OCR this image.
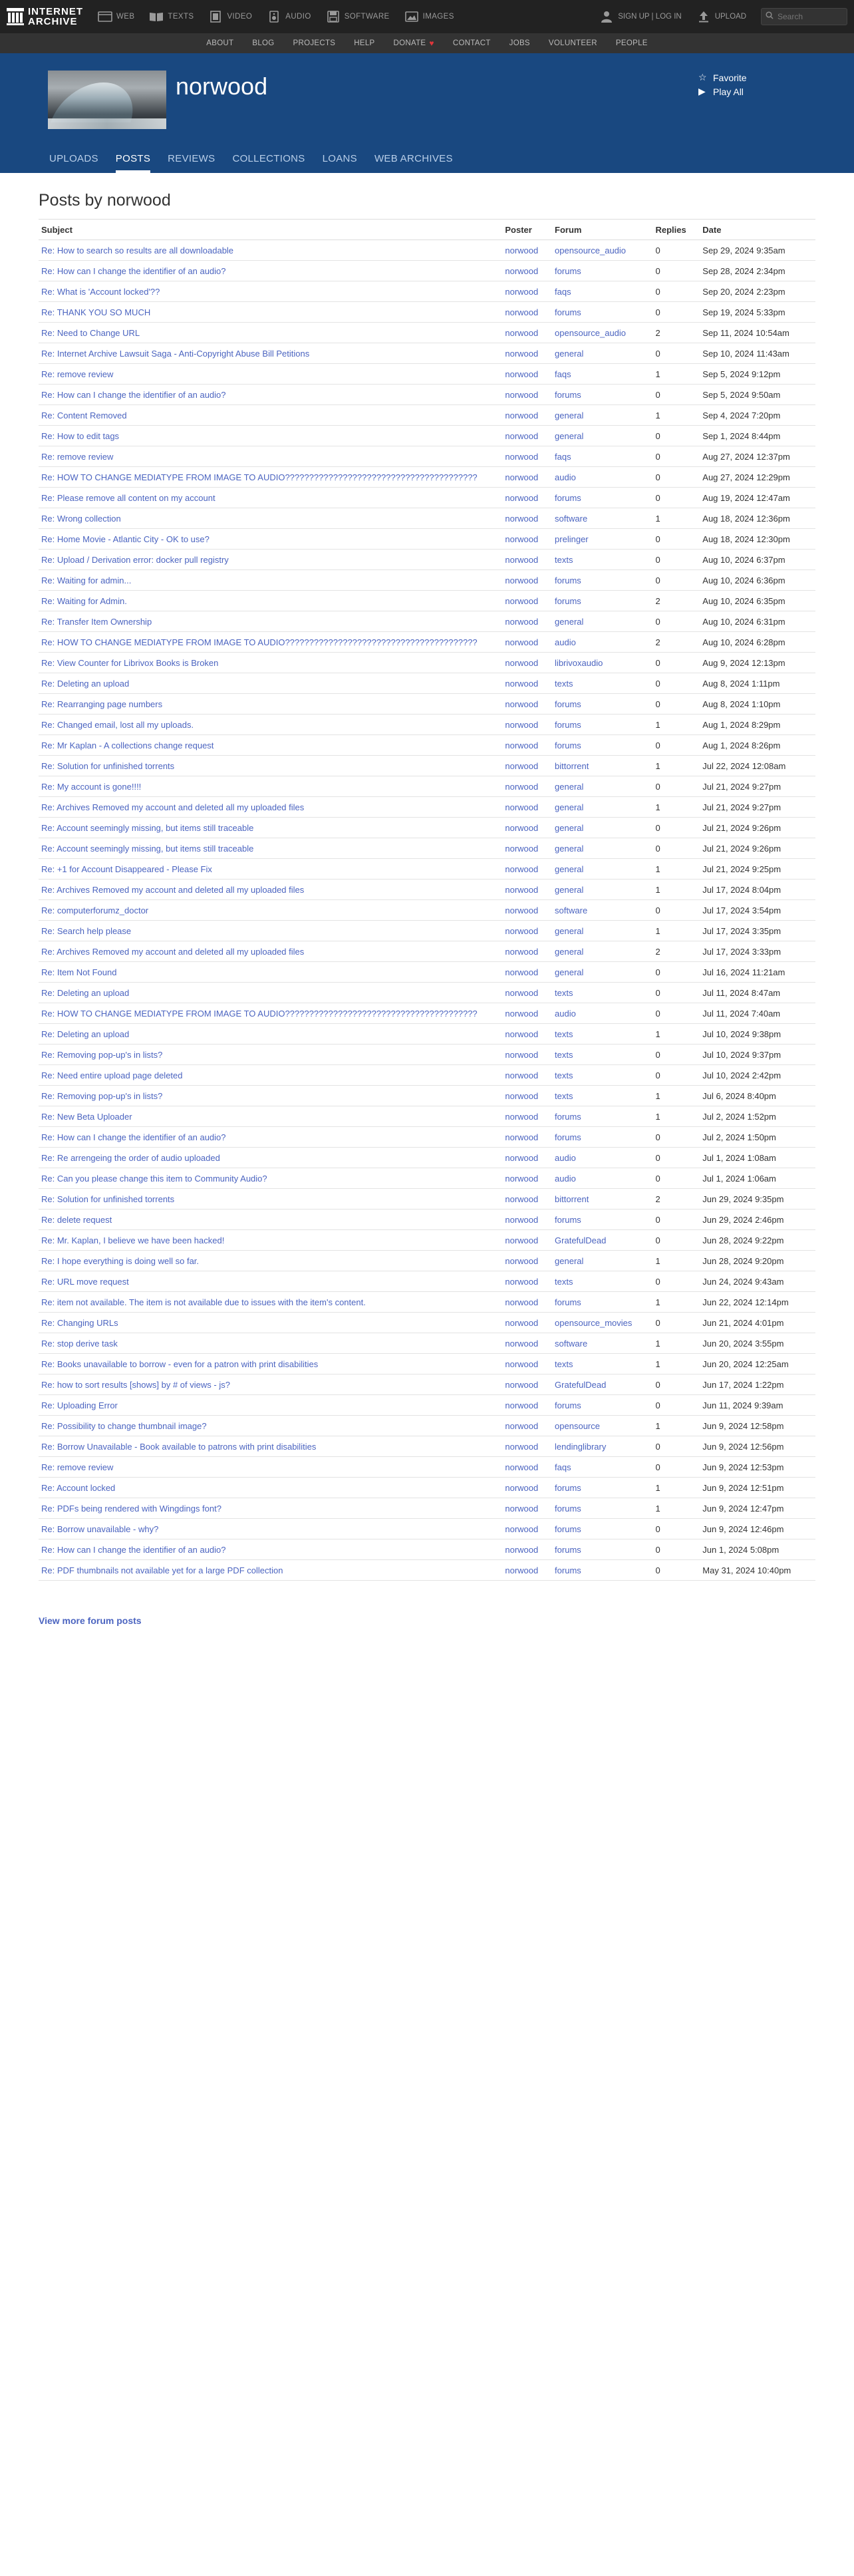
INTERNET
ARCHIVE	WEB	TEXTS	VIDEO	AUDIO	SOFTWARE	IMAGES	SIGN UP | LOG IN	UPLOAD
Search
ABOUT BLOG PROJECTS HELP DONATE ♥ CONTACT JOBS VOLUNTEER PEOPLE
norwood	☆ Favorite
▶ Play All
UPLOADS POSTS REVIEWS COLLECTIONS LOANS WEB ARCHIVES
Posts by norwood
Subject	Poster	Forum	Replies	Date
Re: How to search so results are all downloadable	norwood	opensource_audio	0	Sep 29, 2024 9:35am
Re: How can I change the identifier of an audio?	norwood	forums	0	Sep 28, 2024 2:34pm
Re: What is 'Account locked'??	norwood	faqs	0	Sep 20, 2024 2:23pm
Re: THANK YOU SO MUCH	norwood	forums	0	Sep 19, 2024 5:33pm
Re: Need to Change URL	norwood	opensource_audio	2	Sep 11, 2024 10:54am
Re: Internet Archive Lawsuit Saga - Anti-Copyright Abuse Bill Petitions	norwood	general	0	Sep 10, 2024 11:43am
Re: remove review	norwood	faqs	1	Sep 5, 2024 9:12pm
Re: How can I change the identifier of an audio?	norwood	forums	0	Sep 5, 2024 9:50am
Re: Content Removed	norwood	general	1	Sep 4, 2024 7:20pm
Re: How to edit tags	norwood	general	0	Sep 1, 2024 8:44pm
Re: remove review	norwood	faqs	0	Aug 27, 2024 12:37pm
Re: HOW TO CHANGE MEDIATYPE FROM IMAGE TO AUDIO????????????????????????????????????????	norwood	audio	0	Aug 27, 2024 12:29pm
Re: Please remove all content on my account	norwood	forums	0	Aug 19, 2024 12:47am
Re: Wrong collection	norwood	software	1	Aug 18, 2024 12:36pm
Re: Home Movie - Atlantic City - OK to use?	norwood	prelinger	0	Aug 18, 2024 12:30pm
Re: Upload / Derivation error: docker pull registry	norwood	texts	0	Aug 10, 2024 6:37pm
Re: Waiting for admin...	norwood	forums	0	Aug 10, 2024 6:36pm
Re: Waiting for Admin.	norwood	forums	2	Aug 10, 2024 6:35pm
Re: Transfer Item Ownership	norwood	general	0	Aug 10, 2024 6:31pm
Re: HOW TO CHANGE MEDIATYPE FROM IMAGE TO AUDIO????????????????????????????????????????	norwood	audio	2	Aug 10, 2024 6:28pm
Re: View Counter for Librivox Books is Broken	norwood	librivoxaudio	0	Aug 9, 2024 12:13pm
Re: Deleting an upload	norwood	texts	0	Aug 8, 2024 1:11pm
Re: Rearranging page numbers	norwood	forums	0	Aug 8, 2024 1:10pm
Re: Changed email, lost all my uploads.	norwood	forums	1	Aug 1, 2024 8:29pm
Re: Mr Kaplan - A collections change request	norwood	forums	0	Aug 1, 2024 8:26pm
Re: Solution for unfinished torrents	norwood	bittorrent	1	Jul 22, 2024 12:08am
Re: My account is gone!!!!	norwood	general	0	Jul 21, 2024 9:27pm
Re: Archives Removed my account and deleted all my uploaded files	norwood	general	1	Jul 21, 2024 9:27pm
Re: Account seemingly missing, but items still traceable	norwood	general	0	Jul 21, 2024 9:26pm
Re: Account seemingly missing, but items still traceable	norwood	general	0	Jul 21, 2024 9:26pm
Re: +1 for Account Disappeared - Please Fix	norwood	general	1	Jul 21, 2024 9:25pm
Re: Archives Removed my account and deleted all my uploaded files	norwood	general	1	Jul 17, 2024 8:04pm
Re: computerforumz_doctor	norwood	software	0	Jul 17, 2024 3:54pm
Re: Search help please	norwood	general	1	Jul 17, 2024 3:35pm
Re: Archives Removed my account and deleted all my uploaded files	norwood	general	2	Jul 17, 2024 3:33pm
Re: Item Not Found	norwood	general	0	Jul 16, 2024 11:21am
Re: Deleting an upload	norwood	texts	0	Jul 11, 2024 8:47am
Re: HOW TO CHANGE MEDIATYPE FROM IMAGE TO AUDIO????????????????????????????????????????	norwood	audio	0	Jul 11, 2024 7:40am
Re: Deleting an upload	norwood	texts	1	Jul 10, 2024 9:38pm
Re: Removing pop-up's in lists?	norwood	texts	0	Jul 10, 2024 9:37pm
Re: Need entire upload page deleted	norwood	texts	0	Jul 10, 2024 2:42pm
Re: Removing pop-up's in lists?	norwood	texts	1	Jul 6, 2024 8:40pm
Re: New Beta Uploader	norwood	forums	1	Jul 2, 2024 1:52pm
Re: How can I change the identifier of an audio?	norwood	forums	0	Jul 2, 2024 1:50pm
Re: Re arrengeing the order of audio uploaded	norwood	audio	0	Jul 1, 2024 1:08am
Re: Can you please change this item to Community Audio?	norwood	audio	0	Jul 1, 2024 1:06am
Re: Solution for unfinished torrents	norwood	bittorrent	2	Jun 29, 2024 9:35pm
Re: delete request	norwood	forums	0	Jun 29, 2024 2:46pm
Re: Mr. Kaplan, I believe we have been hacked!	norwood	GratefulDead	0	Jun 28, 2024 9:22pm
Re: I hope everything is doing well so far.	norwood	general	1	Jun 28, 2024 9:20pm
Re: URL move request	norwood	texts	0	Jun 24, 2024 9:43am
Re: item not available. The item is not available due to issues with the item's content.	norwood	forums	1	Jun 22, 2024 12:14pm
Re: Changing URLs	norwood	opensource_movies	0	Jun 21, 2024 4:01pm
Re: stop derive task	norwood	software	1	Jun 20, 2024 3:55pm
Re: Books unavailable to borrow - even for a patron with print disabilities	norwood	texts	1	Jun 20, 2024 12:25am
Re: how to sort results [shows] by # of views - js?	norwood	GratefulDead	0	Jun 17, 2024 1:22pm
Re: Uploading Error	norwood	forums	0	Jun 11, 2024 9:39am
Re: Possibility to change thumbnail image?	norwood	opensource	1	Jun 9, 2024 12:58pm
Re: Borrow Unavailable - Book available to patrons with print disabilities	norwood	lendinglibrary	0	Jun 9, 2024 12:56pm
Re: remove review	norwood	faqs	0	Jun 9, 2024 12:53pm
Re: Account locked	norwood	forums	1	Jun 9, 2024 12:51pm
Re: PDFs being rendered with Wingdings font?	norwood	forums	1	Jun 9, 2024 12:47pm
Re: Borrow unavailable - why?	norwood	forums	0	Jun 9, 2024 12:46pm
Re: How can I change the identifier of an audio?	norwood	forums	0	Jun 1, 2024 5:08pm
Re: PDF thumbnails not available yet for a large PDF collection	norwood	forums	0	May 31, 2024 10:40pm
View more forum posts
